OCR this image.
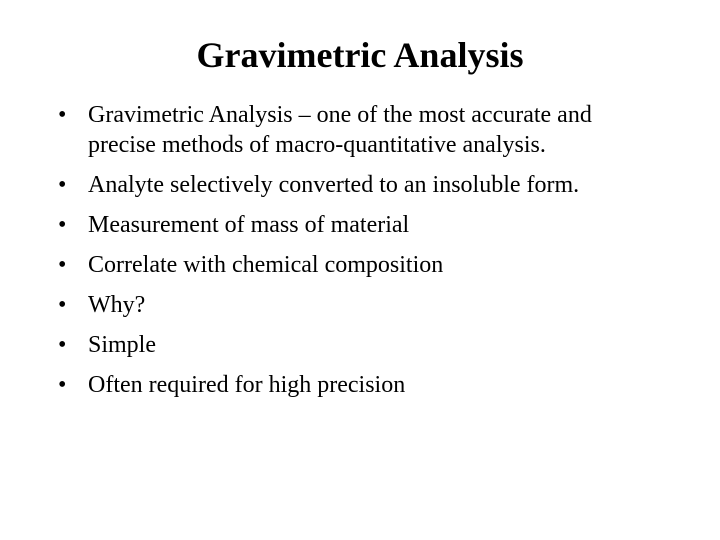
Gravimetric Analysis
• Gravimetric Analysis – one of the most accurate and precise methods of macro-quantitative analysis.
• Analyte selectively converted to an insoluble form.
• Measurement of mass of material
• Correlate with chemical composition
• Why?
• Simple
• Often required for high precision
